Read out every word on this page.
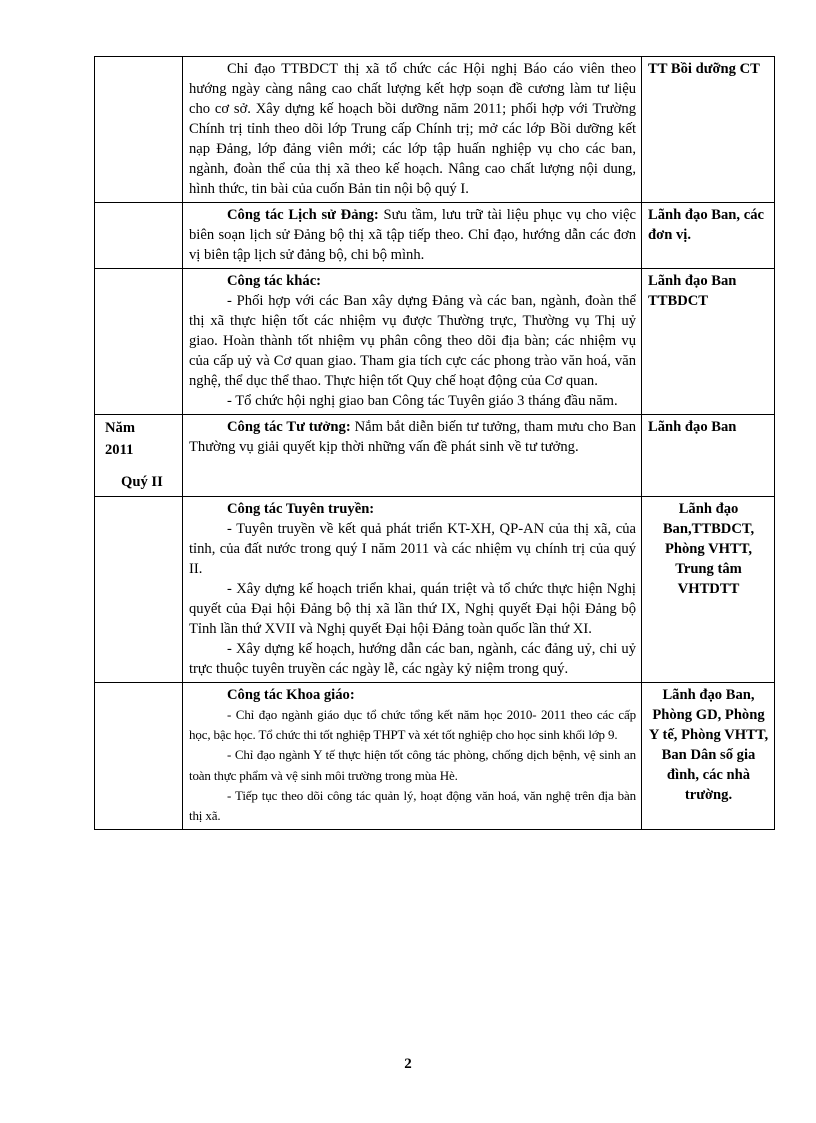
	Chỉ đạo TTBDCT thị xã tổ chức các Hội nghị Báo cáo viên theo hướng ngày càng nâng cao chất lượng kết hợp soạn đề cương làm tư liệu cho cơ sở. Xây dựng kế hoạch bồi dưỡng năm 2011; phối hợp với Trường Chính trị tỉnh theo dõi lớp Trung cấp Chính trị; mở các lớp Bồi dưỡng kết nạp Đảng, lớp đảng viên mới; các lớp tập huấn nghiệp vụ cho các ban, ngành, đoàn thể của thị xã theo kế hoạch. Nâng cao chất lượng nội dung, hình thức, tin bài của cuốn Bản tin nội bộ quý I.	TT Bồi dưỡng CT

	Công tác Lịch sử Đảng: Sưu tầm, lưu trữ tài liệu phục vụ cho việc biên soạn lịch sử Đảng bộ thị xã tập tiếp theo. Chỉ đạo, hướng dẫn các đơn vị biên tập lịch sử đảng bộ, chi bộ mình.	Lãnh đạo Ban, các đơn vị.

	Công tác khác:

- Phối hợp với các Ban xây dựng Đảng và các ban, ngành, đoàn thể thị xã thực hiện tốt các nhiệm vụ được Thường trực, Thường vụ Thị uỷ giao. Hoàn thành tốt nhiệm vụ phân công theo dõi địa bàn; các nhiệm vụ của cấp uỷ và Cơ quan giao. Tham gia tích cực các phong trào văn hoá, văn nghệ, thể dục thể thao. Thực hiện tốt Quy chế hoạt động của Cơ quan.

- Tổ chức hội nghị giao ban Công tác Tuyên giáo 3 tháng đầu năm.	Lãnh đạo Ban TTBDCT

Năm
2011
Quý II	Công tác Tư tưởng: Nắm bắt diễn biến tư tưởng, tham mưu cho Ban Thường vụ giải quyết kịp thời những vấn đề phát sinh về tư tưởng.	Lãnh đạo Ban

	Công tác Tuyên truyền:

- Tuyên truyền về kết quả phát triển KT-XH, QP-AN của thị xã, của tỉnh, của đất nước trong quý I năm 2011 và các nhiệm vụ chính trị của quý II.

- Xây dựng kế hoạch triển khai, quán triệt và tổ chức thực hiện Nghị quyết của Đại hội Đảng bộ thị xã lần thứ IX, Nghị quyết Đại hội Đảng bộ Tỉnh lần thứ XVII và Nghị quyết Đại hội Đảng toàn quốc lần thứ XI.

- Xây dựng kế hoạch, hướng dẫn các ban, ngành, các đảng uỷ, chi uỷ trực thuộc tuyên truyền các ngày lễ, các ngày kỷ niệm trong quý.	Lãnh đạo Ban,TTBDCT, Phòng VHTT, Trung tâm VHTDTT

	Công tác Khoa giáo:

- Chỉ đạo ngành giáo dục tổ chức tổng kết năm học 2010- 2011 theo các cấp học, bậc học. Tổ chức thi tốt nghiệp THPT và xét tốt nghiệp cho học sinh khối lớp 9.

- Chỉ đạo ngành Y tế thực hiện tốt công tác phòng, chống dịch bệnh, vệ sinh an toàn thực phẩm và vệ sinh môi trường trong mùa Hè.

- Tiếp tục theo dõi công tác quản lý, hoạt động văn hoá, văn nghệ trên địa bàn thị xã.	Lãnh đạo Ban, Phòng GD, Phòng Y tế, Phòng VHTT, Ban Dân số gia đình, các nhà trường.
2
